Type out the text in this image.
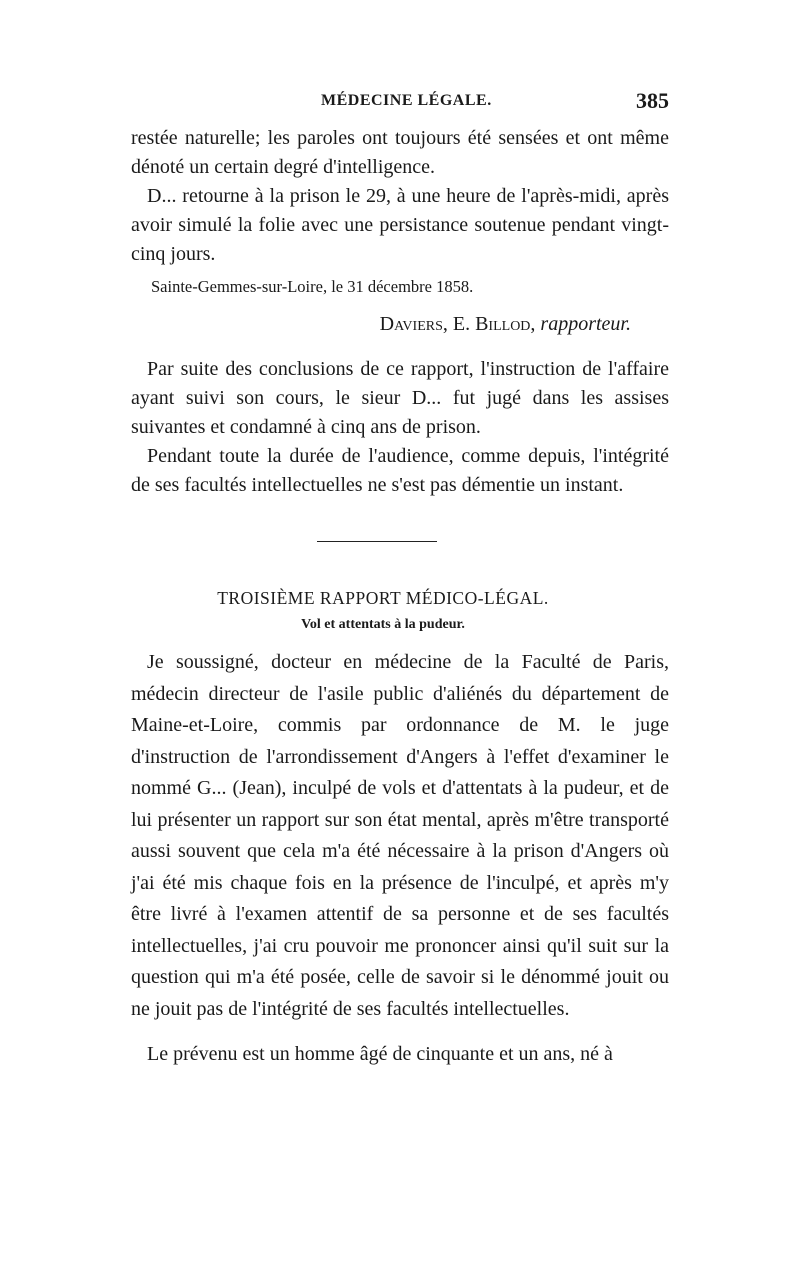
MÉDECINE LÉGALE.	385

restée naturelle; les paroles ont toujours été sensées et ont même dénoté un certain degré d'intelligence.

D... retourne à la prison le 29, à une heure de l'après-midi, après avoir simulé la folie avec une persistance soutenue pendant vingt-cinq jours.

Sainte-Gemmes-sur-Loire, le 31 décembre 1858.

Daviers, E. Billod, rapporteur.

Par suite des conclusions de ce rapport, l'instruction de l'affaire ayant suivi son cours, le sieur D... fut jugé dans les assises suivantes et condamné à cinq ans de prison.

Pendant toute la durée de l'audience, comme depuis, l'intégrité de ses facultés intellectuelles ne s'est pas démentie un instant.

TROISIÈME RAPPORT MÉDICO-LÉGAL.
Vol et attentats à la pudeur.

Je soussigné, docteur en médecine de la Faculté de Paris, médecin directeur de l'asile public d'aliénés du département de Maine-et-Loire, commis par ordonnance de M. le juge d'instruction de l'arrondissement d'Angers à l'effet d'examiner le nommé G... (Jean), inculpé de vols et d'attentats à la pudeur, et de lui présenter un rapport sur son état mental, après m'être transporté aussi souvent que cela m'a été nécessaire à la prison d'Angers où j'ai été mis chaque fois en la présence de l'inculpé, et après m'y être livré à l'examen attentif de sa personne et de ses facultés intellectuelles, j'ai cru pouvoir me prononcer ainsi qu'il suit sur la question qui m'a été posée, celle de savoir si le dénommé jouit ou ne jouit pas de l'intégrité de ses facultés intellectuelles.

Le prévenu est un homme âgé de cinquante et un ans, né à
